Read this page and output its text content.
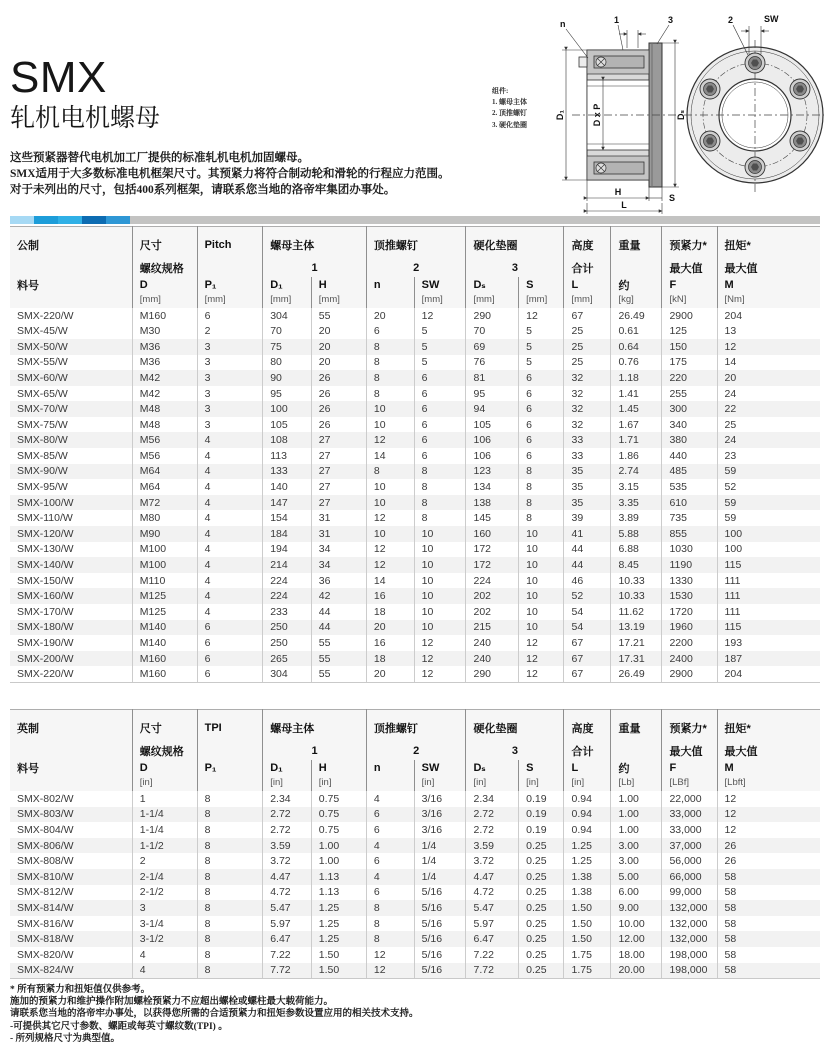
D₁	D x P	Dₛ
H
S
L
n	1	3	2	SW
组件:
1. 螺母主体
2. 顶推螺钉
3. 硬化垫圈
SMX
轧机电机螺母
这些预紧器替代电机加工厂提供的标准轧机电机加固螺母。
SMX适用于大多数标准电机框架尺寸。其预紧力将符合制动轮和滑轮的行程应力范围。
对于未列出的尺寸，包括400系列框架，请联系您当地的洛帝牢集团办事处。
公制	尺寸	Pitch	螺母主体		顶推螺钉		硬化垫圈		高度	重量	预紧力*	扭矩*
	螺纹规格		1		2		3		合计		最大值	最大值
料号	D	P₁	D₁	H	n	SW	Dₛ	S	L	约	F	M
	[mm]	[mm]	[mm]	[mm]		[mm]	[mm]	[mm]	[mm]	[kg]	[kN]	[Nm]
SMX-220/W	M160	6	304	55	20	12	290	12	67	26.49	2900	204
SMX-45/W	M30	2	70	20	6	5	70	5	25	0.61	125	13
SMX-50/W	M36	3	75	20	8	5	69	5	25	0.64	150	12
SMX-55/W	M36	3	80	20	8	5	76	5	25	0.76	175	14
SMX-60/W	M42	3	90	26	8	6	81	6	32	1.18	220	20
SMX-65/W	M42	3	95	26	8	6	95	6	32	1.41	255	24
SMX-70/W	M48	3	100	26	10	6	94	6	32	1.45	300	22
SMX-75/W	M48	3	105	26	10	6	105	6	32	1.67	340	25
SMX-80/W	M56	4	108	27	12	6	106	6	33	1.71	380	24
SMX-85/W	M56	4	113	27	14	6	106	6	33	1.86	440	23
SMX-90/W	M64	4	133	27	8	8	123	8	35	2.74	485	59
SMX-95/W	M64	4	140	27	10	8	134	8	35	3.15	535	52
SMX-100/W	M72	4	147	27	10	8	138	8	35	3.35	610	59
SMX-110/W	M80	4	154	31	12	8	145	8	39	3.89	735	59
SMX-120/W	M90	4	184	31	10	10	160	10	41	5.88	855	100
SMX-130/W	M100	4	194	34	12	10	172	10	44	6.88	1030	100
SMX-140/W	M100	4	214	34	12	10	172	10	44	8.45	1190	115
SMX-150/W	M110	4	224	36	14	10	224	10	46	10.33	1330	111
SMX-160/W	M125	4	224	42	16	10	202	10	52	10.33	1530	111
SMX-170/W	M125	4	233	44	18	10	202	10	54	11.62	1720	111
SMX-180/W	M140	6	250	44	20	10	215	10	54	13.19	1960	115
SMX-190/W	M140	6	250	55	16	12	240	12	67	17.21	2200	193
SMX-200/W	M160	6	265	55	18	12	240	12	67	17.31	2400	187
SMX-220/W	M160	6	304	55	20	12	290	12	67	26.49	2900	204
英制	尺寸	TPI	螺母主体		顶推螺钉		硬化垫圈		高度	重量	预紧力*	扭矩*
	螺纹规格		1		2		3		合计		最大值	最大值
料号	D	P₁	D₁	H	n	SW	Dₛ	S	L	约	F	M
	[in]		[in]	[in]		[in]	[in]	[in]	[in]	[Lb]	[LBf]	[Lbft]
SMX-802/W	1	8	2.34	0.75	4	3/16	2.34	0.19	0.94	1.00	22,000	12
SMX-803/W	1-1/4	8	2.72	0.75	6	3/16	2.72	0.19	0.94	1.00	33,000	12
SMX-804/W	1-1/4	8	2.72	0.75	6	3/16	2.72	0.19	0.94	1.00	33,000	12
SMX-806/W	1-1/2	8	3.59	1.00	4	1/4	3.59	0.25	1.25	3.00	37,000	26
SMX-808/W	2	8	3.72	1.00	6	1/4	3.72	0.25	1.25	3.00	56,000	26
SMX-810/W	2-1/4	8	4.47	1.13	4	1/4	4.47	0.25	1.38	5.00	66,000	58
SMX-812/W	2-1/2	8	4.72	1.13	6	5/16	4.72	0.25	1.38	6.00	99,000	58
SMX-814/W	3	8	5.47	1.25	8	5/16	5.47	0.25	1.50	9.00	132,000	58
SMX-816/W	3-1/4	8	5.97	1.25	8	5/16	5.97	0.25	1.50	10.00	132,000	58
SMX-818/W	3-1/2	8	6.47	1.25	8	5/16	6.47	0.25	1.50	12.00	132,000	58
SMX-820/W	4	8	7.22	1.50	12	5/16	7.22	0.25	1.75	18.00	198,000	58
SMX-824/W	4	8	7.72	1.50	12	5/16	7.72	0.25	1.75	20.00	198,000	58
* 所有预紧力和扭矩值仅供参考。
施加的预紧力和维护操作附加螺栓预紧力不应超出螺栓或螺柱最大载荷能力。
请联系您当地的洛帝牢办事处，以获得您所需的合适预紧力和扭矩参数设置应用的相关技术支持。
-可提供其它尺寸参数、螺距或每英寸螺纹数(TPI) 。
- 所列规格尺寸为典型值。
